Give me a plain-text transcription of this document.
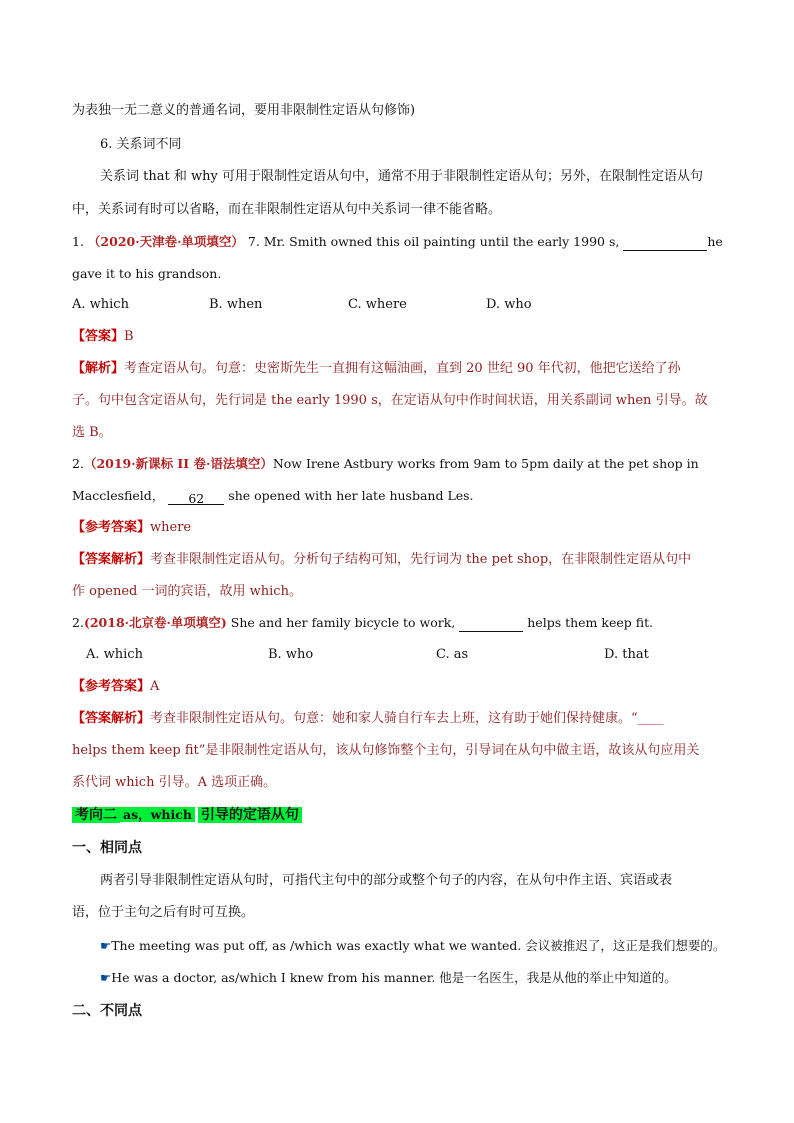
为表独一无二意义的普通名词，要用非限制性定语从句修饰)
6. 关系词不同
关系词 that 和 why 可用于限制性定语从句中，通常不用于非限制性定语从句；另外，在限制性定语从句
中，关系词有时可以省略，而在非限制性定语从句中关系词一律不能省略。
1. （2020·天津卷·单项填空） 7. Mr. Smith owned this oil painting until the early 1990 s,	he
gave it to his grandson.
A. which	B. when	C. where	D. who
【答案】B
【解析】考查定语从句。句意：史密斯先生一直拥有这幅油画，直到 20 世纪 90 年代初，他把它送给了孙
子。句中包含定语从句，先行词是 the early 1990 s，在定语从句中作时间状语，用关系副词 when 引导。故
选 B。
2.（2019·新课标 II 卷·语法填空）Now Irene Astbury works from 9am to 5pm daily at the pet shop in
Macclesfield， 62 she opened with her late husband Les.
【参考答案】where
【答案解析】考查非限制性定语从句。分析句子结构可知，先行词为 the pet shop，在非限制性定语从句中
作 opened 一词的宾语，故用 which。
2.(2018·北京卷·单项填空) She and her family bicycle to work,	helps them keep fit.
A. which	B. who	C. as	D. that
【参考答案】A
【答案解析】考查非限制性定语从句。句意：她和家人骑自行车去上班，这有助于她们保持健康。“____
helps them keep fit”是非限制性定语从句，该从句修饰整个主句，引导词在从句中做主语，故该从句应用关
系代词 which 引导。A 选项正确。
考向二 as，which 引导的定语从句
一、相同点
两者引导非限制性定语从句时，可指代主句中的部分或整个句子的内容，在从句中作主语、宾语或表
语，位于主句之后有时可互换。
☛The meeting was put off, as /which was exactly what we wanted. 会议被推迟了，这正是我们想要的。
☛He was a doctor, as/which I knew from his manner. 他是一名医生，我是从他的举止中知道的。
二、不同点
